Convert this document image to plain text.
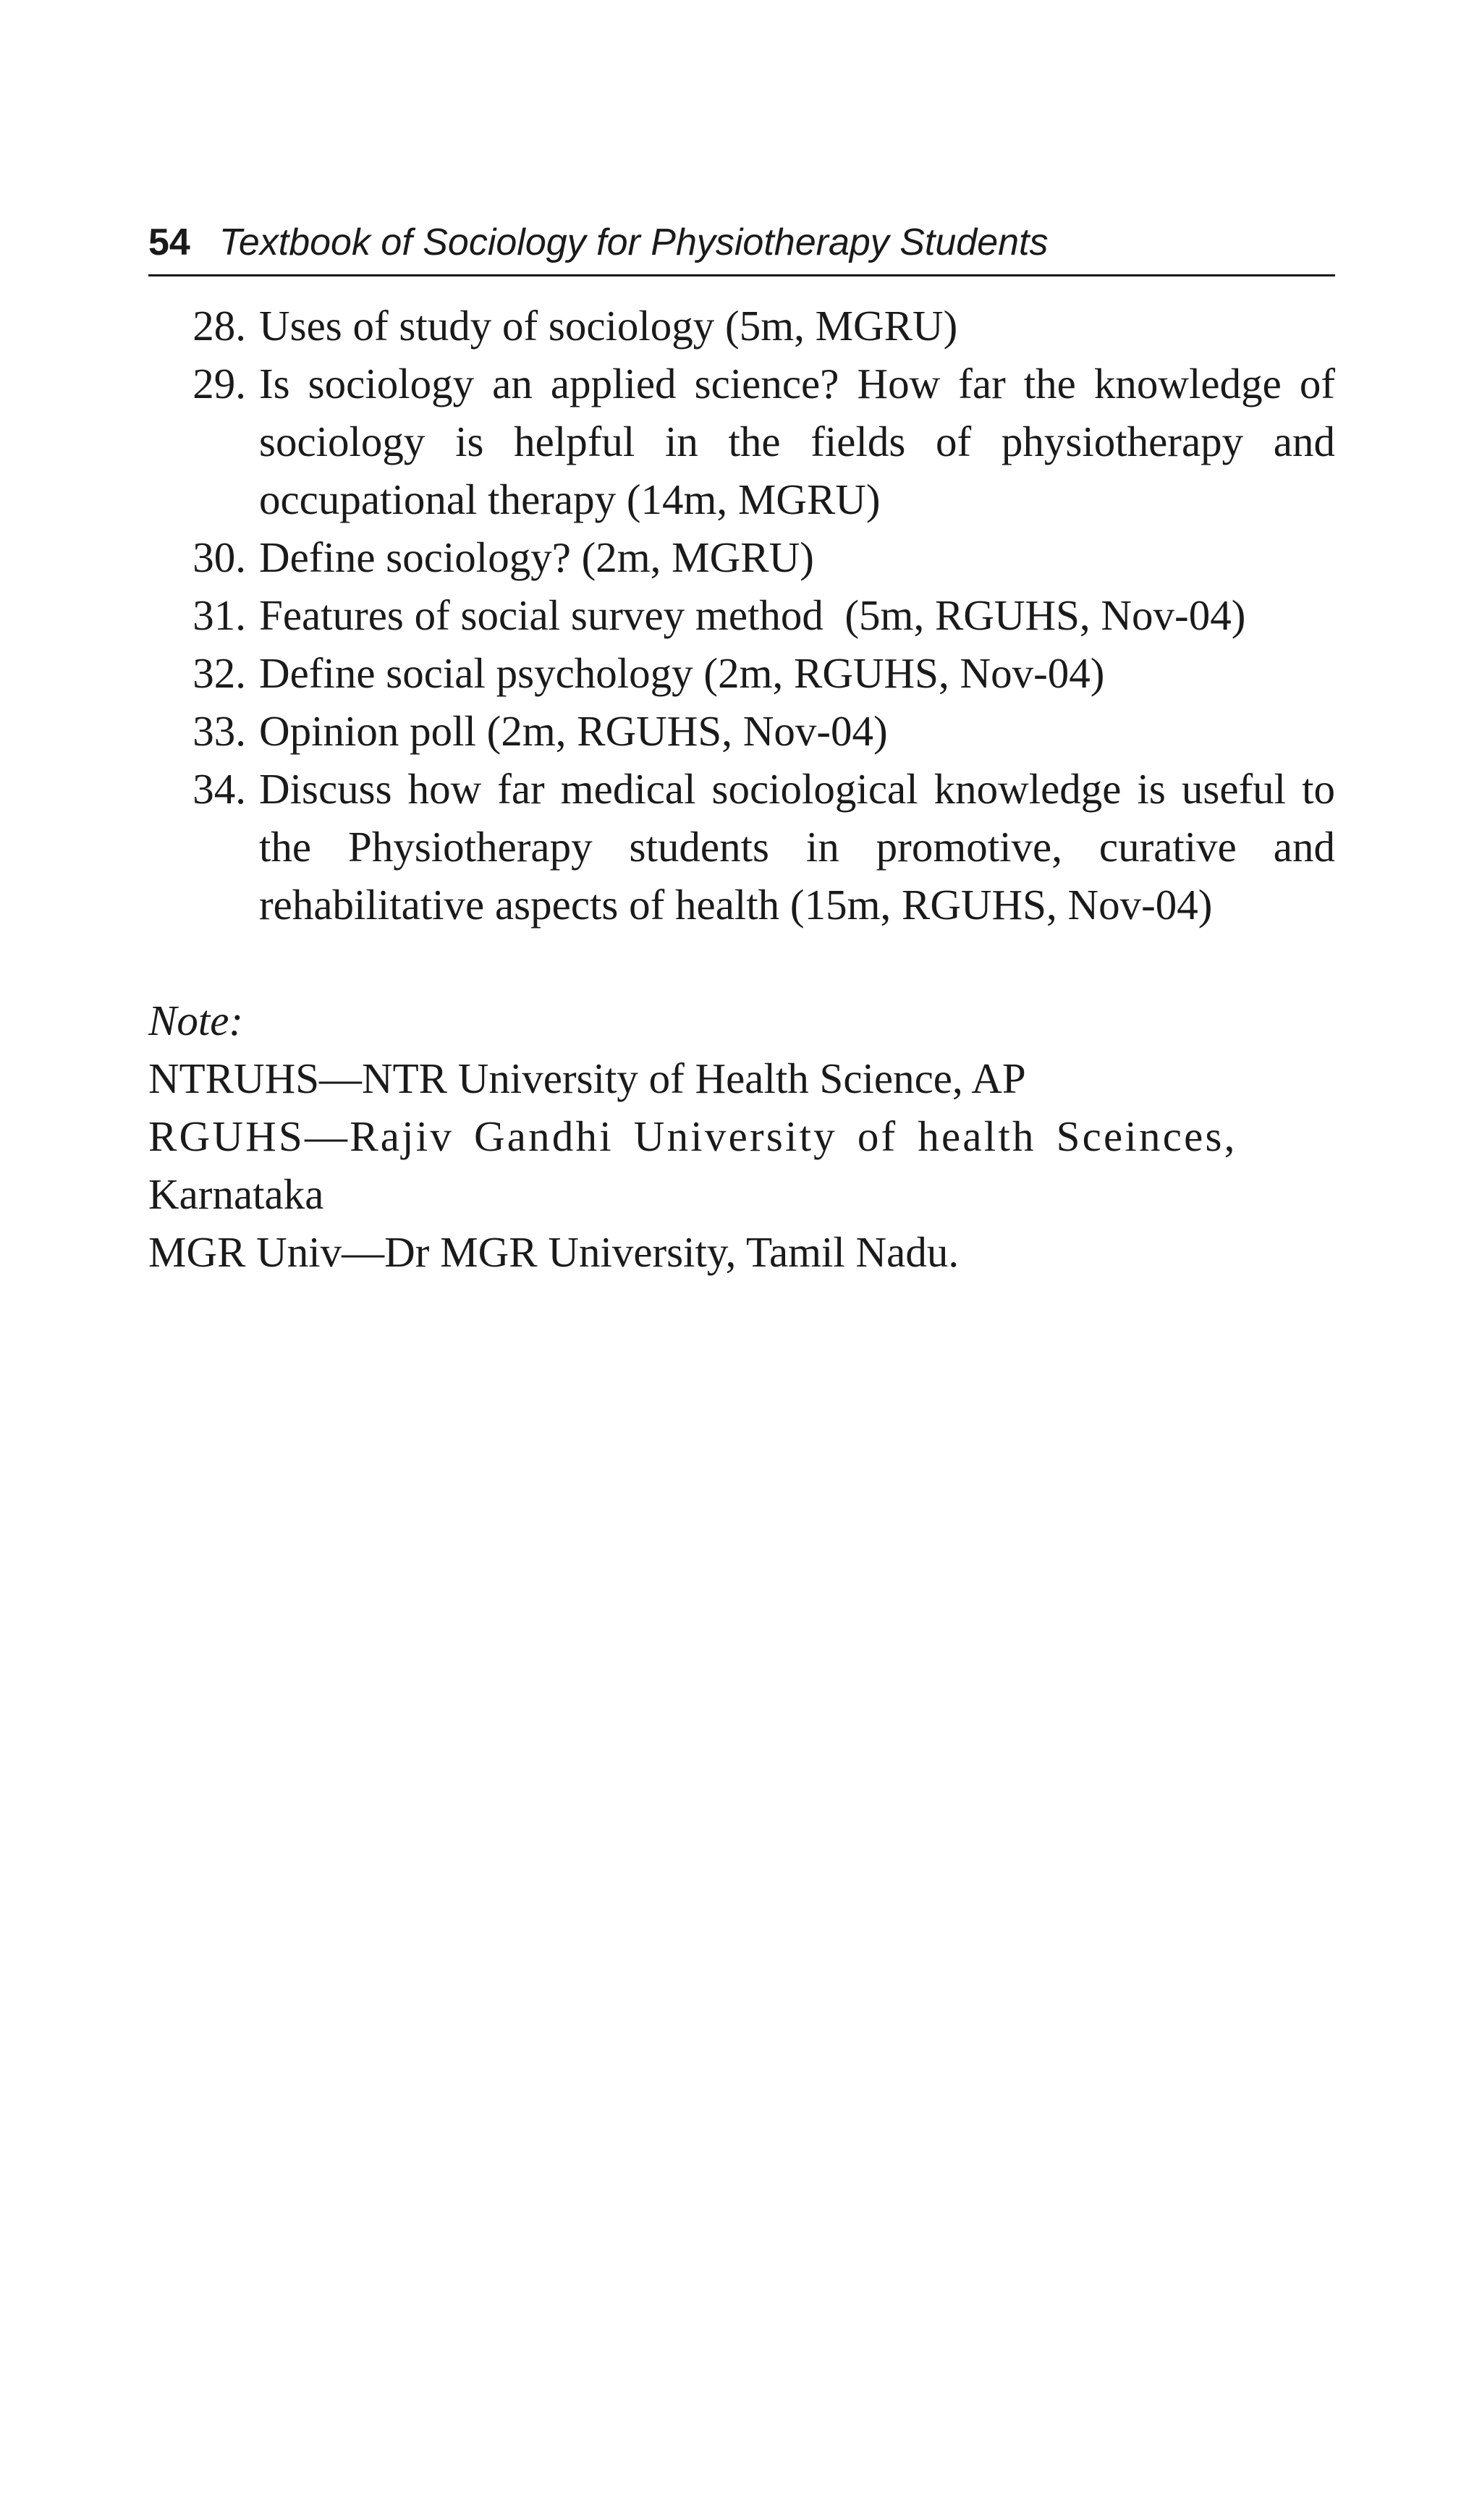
54 Textbook of Sociology for Physiotherapy Students
28. Uses of study of sociology (5m, MGRU)
29. Is sociology an applied science? How far the knowledge of sociology is helpful in the fields of physiotherapy and occupational therapy (14m, MGRU)
30. Define sociology? (2m, MGRU)
31. Features of social survey method  (5m, RGUHS, Nov-04)
32. Define social psychology (2m, RGUHS, Nov-04)
33. Opinion poll (2m, RGUHS, Nov-04)
34. Discuss how far medical sociological knowledge is useful to the Physiotherapy students in promotive, curative and rehabilitative aspects of health (15m, RGUHS, Nov-04)
Note:
NTRUHS—NTR University of Health Science, AP
RGUHS—Rajiv Gandhi University of health Sceinces,
Karnataka
MGR Univ—Dr MGR University, Tamil Nadu.
